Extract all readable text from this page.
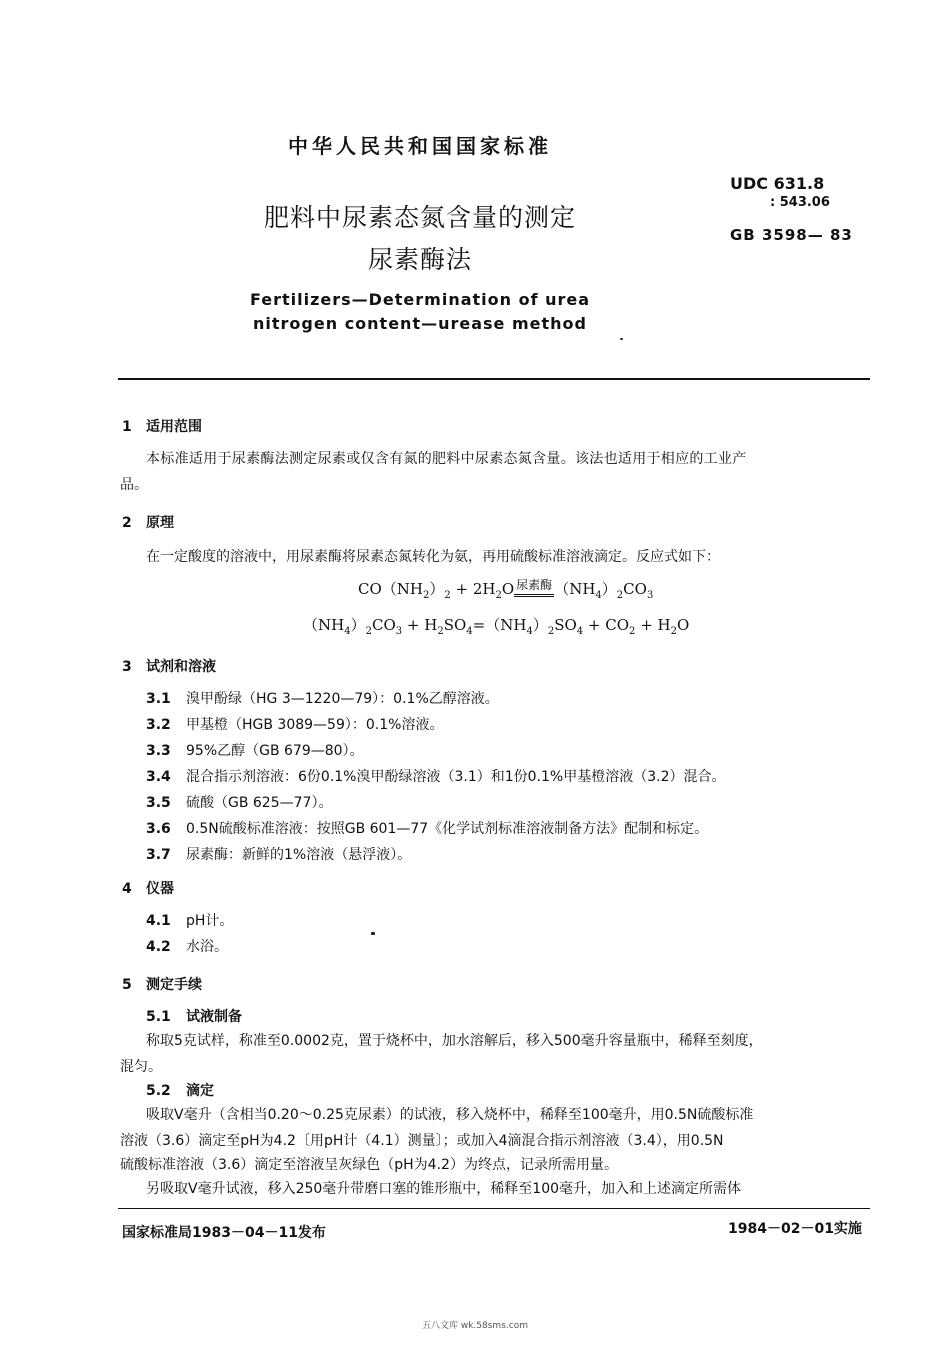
中华人民共和国国家标准
肥料中尿素态氮含量的测定
尿素酶法
Fertilizers—Determination of urea
nitrogen content—urease method
UDC 631.8
: 543.06
GB 3598— 83
1 适用范围
本标准适用于尿素酶法测定尿素或仅含有氮的肥料中尿素态氮含量。该法也适用于相应的工业产
品。
2 原理
在一定酸度的溶液中，用尿素酶将尿素态氮转化为氨，再用硫酸标准溶液滴定。反应式如下：
$CO(NH_2)_2 + 2H_2O$ 尿素酶 $(NH_4)_2CO_3$
$(NH_4)_2CO_3 + H_2SO_4=(NH_4)_2SO_4 + CO_2 + H_2O$
3 试剂和溶液
3.1 溴甲酚绿（HG 3—1220—79）：0.1%乙醇溶液。
3.2 甲基橙（HGB 3089—59）：0.1%溶液。
3.3 95%乙醇（GB 679—80）。
3.4 混合指示剂溶液：6份0.1%溴甲酚绿溶液（3.1）和1份0.1%甲基橙溶液（3.2）混合。
3.5 硫酸（GB 625—77）。
3.6 0.5N硫酸标准溶液：按照GB 601—77《化学试剂标准溶液制备方法》配制和标定。
3.7 尿素酶：新鲜的1%溶液（悬浮液）。
4 仪器
4.1 pH计。
4.2 水浴。
5 测定手续
5.1 试液制备
称取5克试样，称准至0.0002克，置于烧杯中，加水溶解后，移入500毫升容量瓶中，稀释至刻度，
混匀。
5.2 滴定
吸取V毫升（含相当0.20～0.25克尿素）的试液，移入烧杯中，稀释至100毫升，用0.5N硫酸标准
溶液（3.6）滴定至pH为4.2〔用pH计（4.1）测量〕；或加入4滴混合指示剂溶液（3.4），用0.5N
硫酸标准溶液（3.6）滴定至溶液呈灰绿色（pH为4.2）为终点，记录所需用量。
另吸取V毫升试液，移入250毫升带磨口塞的锥形瓶中，稀释至100毫升，加入和上述滴定所需体
国家标准局1983－04－11发布	1984－02－01实施
五八文库 wk.58sms.com
